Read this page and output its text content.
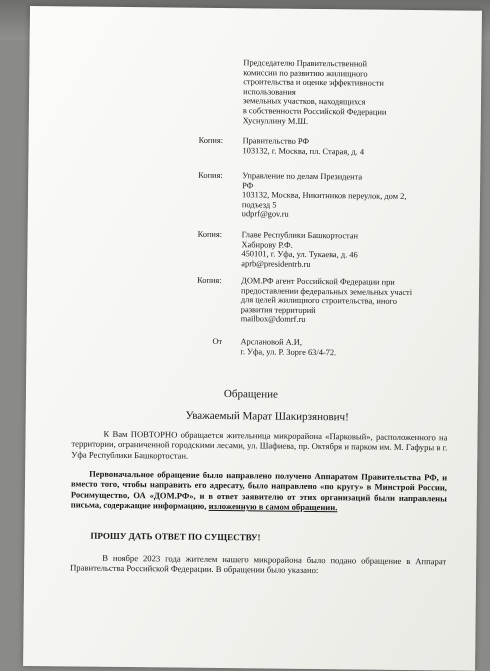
Председателю Правительственной
комиссии по развитию жилищного
строительства и оценке эффективности
использования
земельных участков, находящихся
в собственности Российской Федерации
Хуснуллину М.Ш.
Копия: Правительство РФ
103132, г. Москва, пл. Старая, д. 4
Копия: Управление по делам Президента
РФ
103132, Москва, Никитников переулок, дом 2,
подъезд 5
udprf@gov.ru
Копия: Главе Республики Башкортостан
Хабирову Р.Ф.
450101, г. Уфа, ул. Тукаева, д. 46
aprb@presidentrb.ru
Копия: ДОМ.РФ агент Российской Федерации при
предоставлении федеральных земельных участі
для целей жилищного строительства, иного
развития территорий
mailbox@domrf.ru
От Арслановой А.И,
г. Уфа, ул. Р. Зорге 63/4-72.
Обращение
Уважаемый Марат Шакирзянович!
К Вам ПОВТОРНО обращается жительница микрорайона «Парковый», расположенного на территории, ограниченной городскими лесами, ул. Шафиева, пр. Октября и парком им. М. Гафуры в г. Уфа Республики Башкортостан.
Первоначальное обращение было направлено получено Аппаратом Правительства РФ, и вместо того, чтобы направить его адресату, было направлено «по кругу» в Минстрой России, Росимущество, ОА «ДОМ.РФ», и в ответ заявителю от этих организаций были направлены письма, содержащие информацию, изложенную в самом обращении.
ПРОШУ ДАТЬ ОТВЕТ ПО СУЩЕСТВУ!
В ноябре 2023 года жителем нашего микрорайона было подано обращение в Аппарат Правительства Российской Федерации. В обращении было указано:
